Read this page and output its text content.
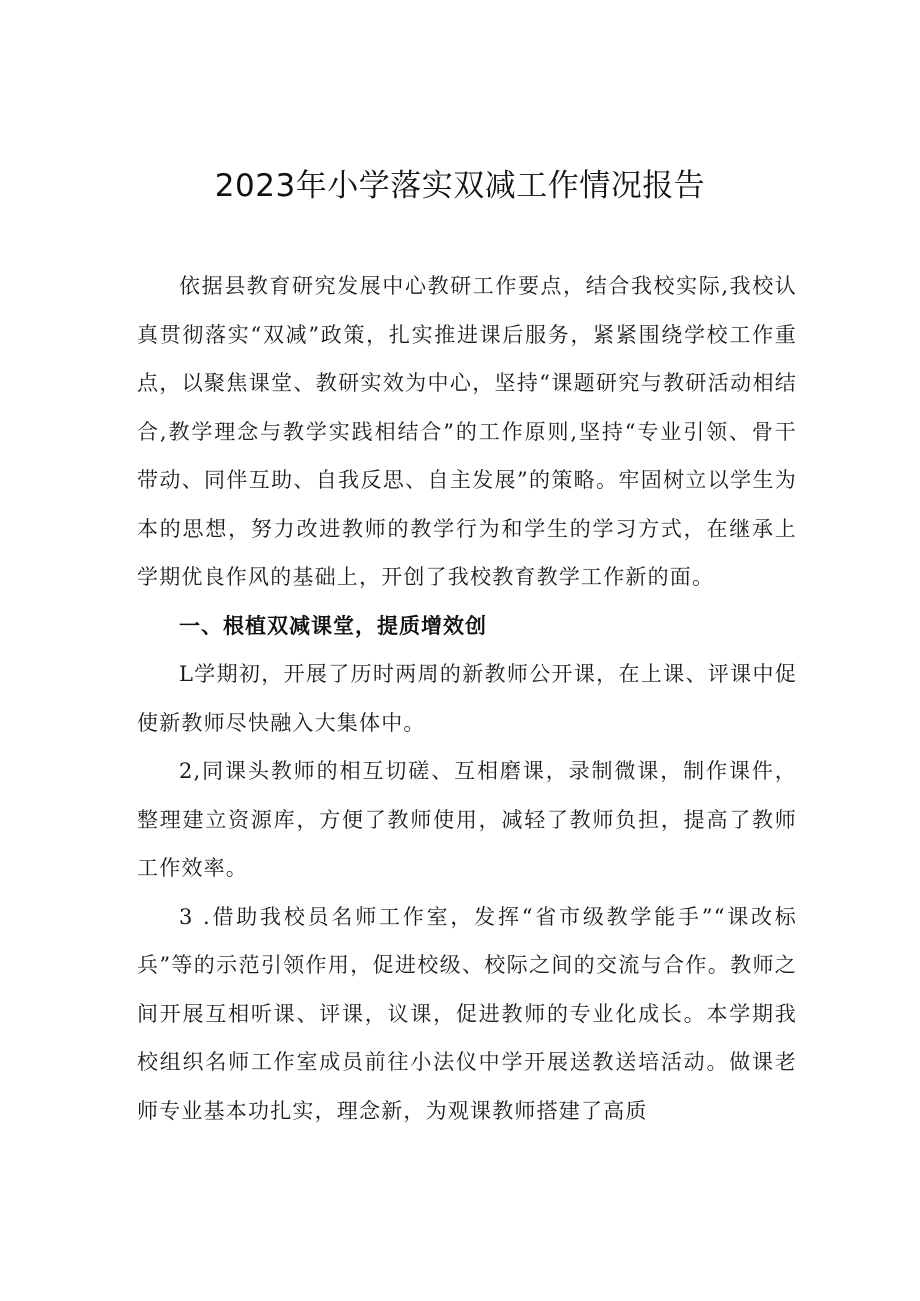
2023年小学落实双减工作情况报告

依据县教育研究发展中心教研工作要点，结合我校实际,我校认真贯彻落实“双减”政策，扎实推进课后服务，紧紧围绕学校工作重点，以聚焦课堂、教研实效为中心，坚持“课题研究与教研活动相结合,教学理念与教学实践相结合”的工作原则,坚持“专业引领、骨干带动、同伴互助、自我反思、自主发展”的策略。牢固树立以学生为本的思想，努力改进教师的教学行为和学生的学习方式，在继承上学期优良作风的基础上，开创了我校教育教学工作新的面。

一、根植双减课堂，提质增效创

L学期初，开展了历时两周的新教师公开课，在上课、评课中促使新教师尽快融入大集体中。

2,同课头教师的相互切磋、互相磨课，录制微课，制作课件，整理建立资源库，方便了教师使用，减轻了教师负担，提高了教师工作效率。

3 .借助我校员名师工作室，发挥“省市级教学能手”“课改标兵”等的示范引领作用，促进校级、校际之间的交流与合作。教师之间开展互相听课、评课，议课，促进教师的专业化成长。本学期我校组织名师工作室成员前往小法仪中学开展送教送培活动。做课老师专业基本功扎实，理念新，为观课教师搭建了高质
